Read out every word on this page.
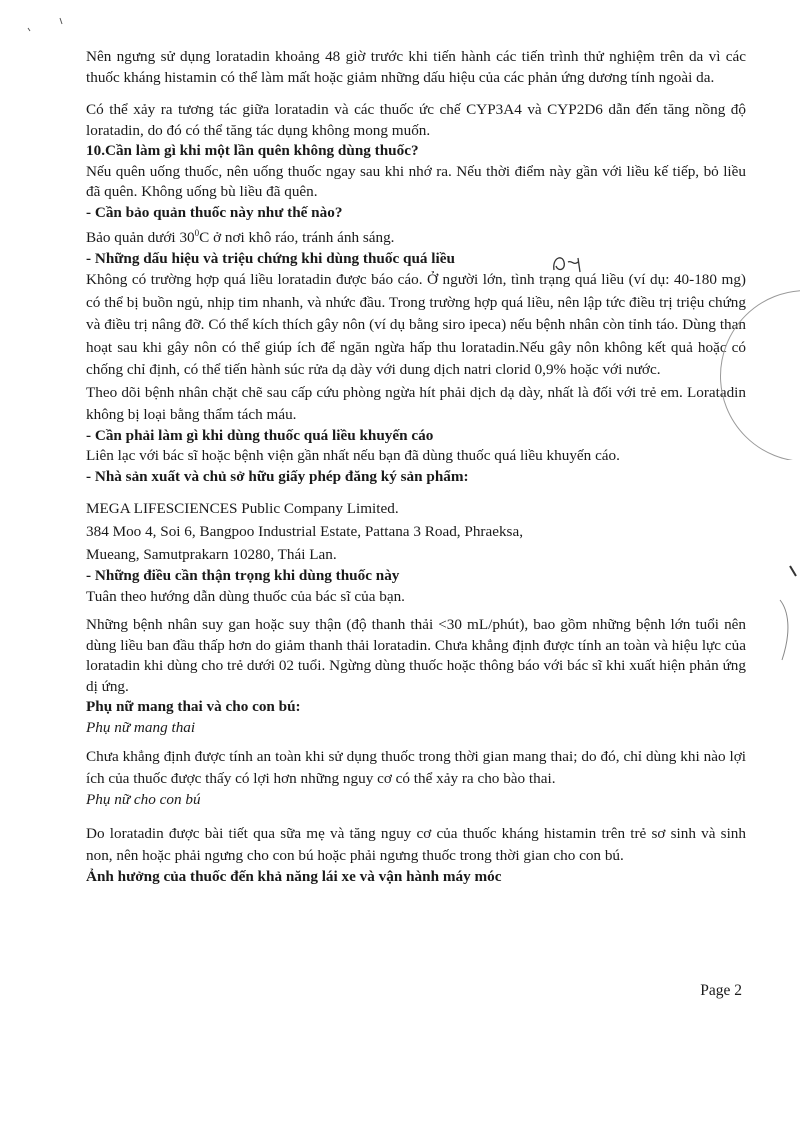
Nên ngưng sử dụng loratadin khoảng 48 giờ trước khi tiến hành các tiến trình thử nghiệm trên da vì các thuốc kháng histamin có thể làm mất hoặc giảm những dấu hiệu của các phản ứng dương tính ngoài da.

Có thể xảy ra tương tác giữa loratadin và các thuốc ức chế CYP3A4 và CYP2D6 dẫn đến tăng nồng độ loratadin, do đó có thể tăng tác dụng không mong muốn.

10.Cần làm gì khi một lần quên không dùng thuốc?

Nếu quên uống thuốc, nên uống thuốc ngay sau khi nhớ ra. Nếu thời điểm này gần với liều kế tiếp, bỏ liều đã quên. Không uống bù liều đã quên.

- Cần bảo quản thuốc này như thế nào?

Bảo quản dưới $30^0C$ ở nơi khô ráo, tránh ánh sáng.

- Những dấu hiệu và triệu chứng khi dùng thuốc quá liều

Không có trường hợp quá liều loratadin được báo cáo. Ở người lớn, tình trạng quá liều (ví dụ: 40-180 mg) có thể bị buồn ngủ, nhịp tim nhanh, và nhức đầu. Trong trường hợp quá liều, nên lập tức điều trị triệu chứng và điều trị nâng đỡ. Có thể kích thích gây nôn (ví dụ bằng siro ipeca) nếu bệnh nhân còn tỉnh táo. Dùng than hoạt sau khi gây nôn có thể giúp ích để ngăn ngừa hấp thu loratadin.Nếu gây nôn không kết quả hoặc có chống chỉ định, có thể tiến hành súc rửa dạ dày với dung dịch natri clorid 0,9% hoặc với nước.

Theo dõi bệnh nhân chặt chẽ sau cấp cứu phòng ngừa hít phải dịch dạ dày, nhất là đối với trẻ em. Loratadin không bị loại bằng thẩm tách máu.

- Cần phải làm gì khi dùng thuốc quá liều khuyến cáo

Liên lạc với bác sĩ hoặc bệnh viện gần nhất nếu bạn đã dùng thuốc quá liều khuyến cáo.

- Nhà sản xuất và chủ sở hữu giấy phép đăng ký sản phẩm:

MEGA LIFESCIENCES Public Company Limited.

384 Moo 4, Soi 6, Bangpoo Industrial Estate, Pattana 3 Road, Phraeksa,

Mueang, Samutprakarn 10280, Thái Lan.

- Những điều cần thận trọng khi dùng thuốc này

Tuân theo hướng dẫn dùng thuốc của bác sĩ của bạn.

Những bệnh nhân suy gan hoặc suy thận (độ thanh thải <30 mL/phút), bao gồm những bệnh lớn tuổi nên dùng liều ban đầu thấp hơn do giảm thanh thải loratadin. Chưa khẳng định được tính an toàn và hiệu lực của loratadin khi dùng cho trẻ dưới 02 tuổi. Ngừng dùng thuốc hoặc thông báo với bác sĩ khi xuất hiện phản ứng dị ứng.

Phụ nữ mang thai và cho con bú:

Phụ nữ mang thai

Chưa khẳng định được tính an toàn khi sử dụng thuốc trong thời gian mang thai; do đó, chỉ dùng khi nào lợi ích của thuốc được thấy có lợi hơn những nguy cơ có thể xảy ra cho bào thai.

Phụ nữ cho con bú

Do loratadin được bài tiết qua sữa mẹ và tăng nguy cơ của thuốc kháng histamin trên trẻ sơ sinh và sinh non, nên hoặc phải ngưng cho con bú hoặc phải ngưng thuốc trong thời gian cho con bú.

Ảnh hưởng của thuốc đến khả năng lái xe và vận hành máy móc

Page 2
